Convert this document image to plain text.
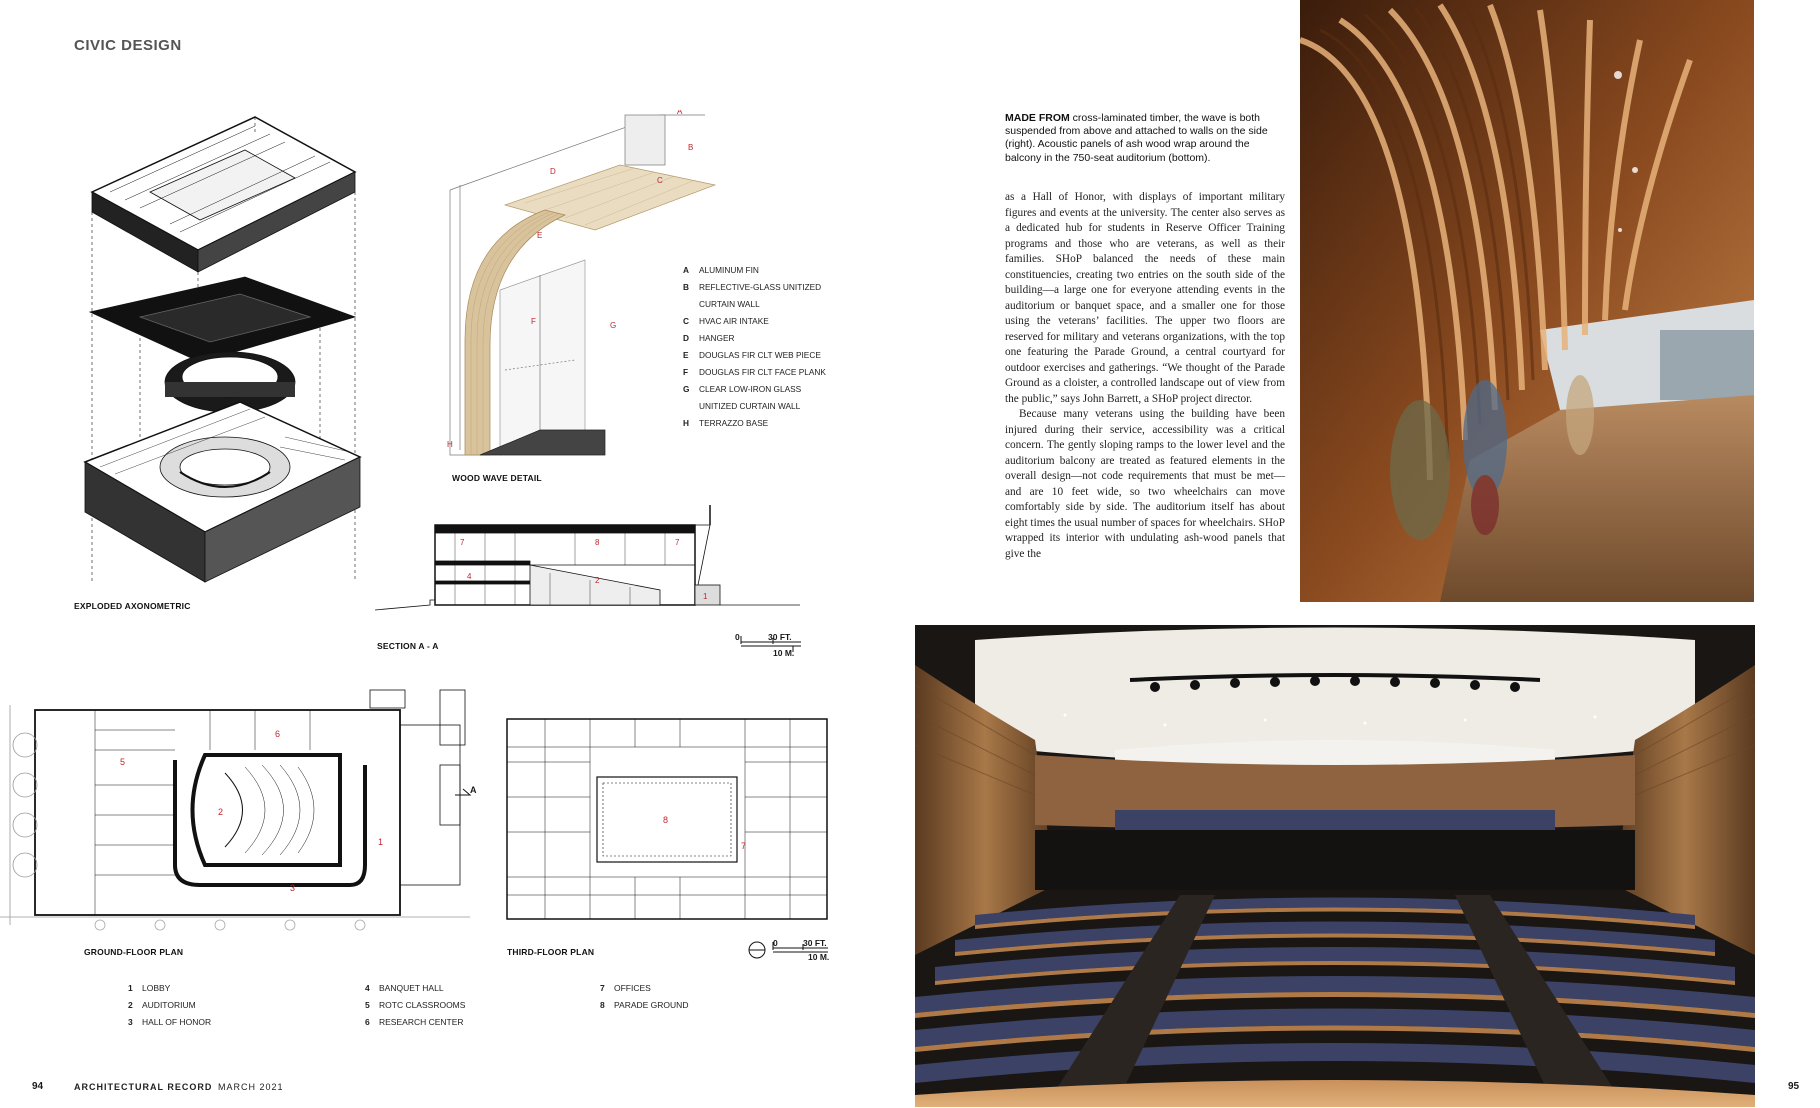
CIVIC DESIGN
EXPLODED AXONOMETRIC
A
B
C
D
E
F	G
H
A	ALUMINUM FIN
B	REFLECTIVE-GLASS UNITIZED CURTAIN WALL
C	HVAC AIR INTAKE
D	HANGER
E	DOUGLAS FIR CLT WEB PIECE
F	DOUGLAS FIR CLT FACE PLANK
G	CLEAR LOW-IRON GLASS UNITIZED CURTAIN WALL
H	TERRAZZO BASE
WOOD WAVE DETAIL
7	8	7
2
4
1
SECTION A - A
0	30 FT.
10 M.
2
1
3
5
6
A
GROUND-FLOOR PLAN
8
7
THIRD-FLOOR PLAN
0	30 FT.
10 M.
1 LOBBY
2 AUDITORIUM
3 HALL OF HONOR
4 BANQUET HALL
5 ROTC CLASSROOMS
6 RESEARCH CENTER
7 OFFICES
8 PARADE GROUND
MADE FROM cross-laminated timber, the wave is both suspended from above and attached to walls on the side (right). Acoustic panels of ash wood wrap around the balcony in the 750-seat auditorium (bottom).

as a Hall of Honor, with displays of important military figures and events at the university. The center also serves as a dedicated hub for students in Reserve Officer Training programs and those who are veterans, as well as their families. SHoP balanced the needs of these main constituencies, creating two entries on the south side of the building—a large one for everyone attending events in the auditorium or banquet space, and a smaller one for those using the veterans’ facilities. The upper two floors are reserved for military and veterans organizations, with the top one featuring the Parade Ground, a central courtyard for outdoor exercises and gatherings. “We thought of the Parade Ground as a cloister, a controlled landscape out of view from the public,” says John Barrett, a SHoP project director.

Because many veterans using the building have been injured during their service, accessibility was a critical concern. The gently sloping ramps to the lower level and the auditorium balcony are treated as featured elements in the overall design—not code requirements that must be met—and are 10 feet wide, so two wheelchairs can move comfortably side by side. The auditorium itself has about eight times the usual number of spaces for wheelchairs. SHoP wrapped its interior with undulating ash-wood panels that give the

94	ARCHITECTURAL RECORD MARCH 2021	95
